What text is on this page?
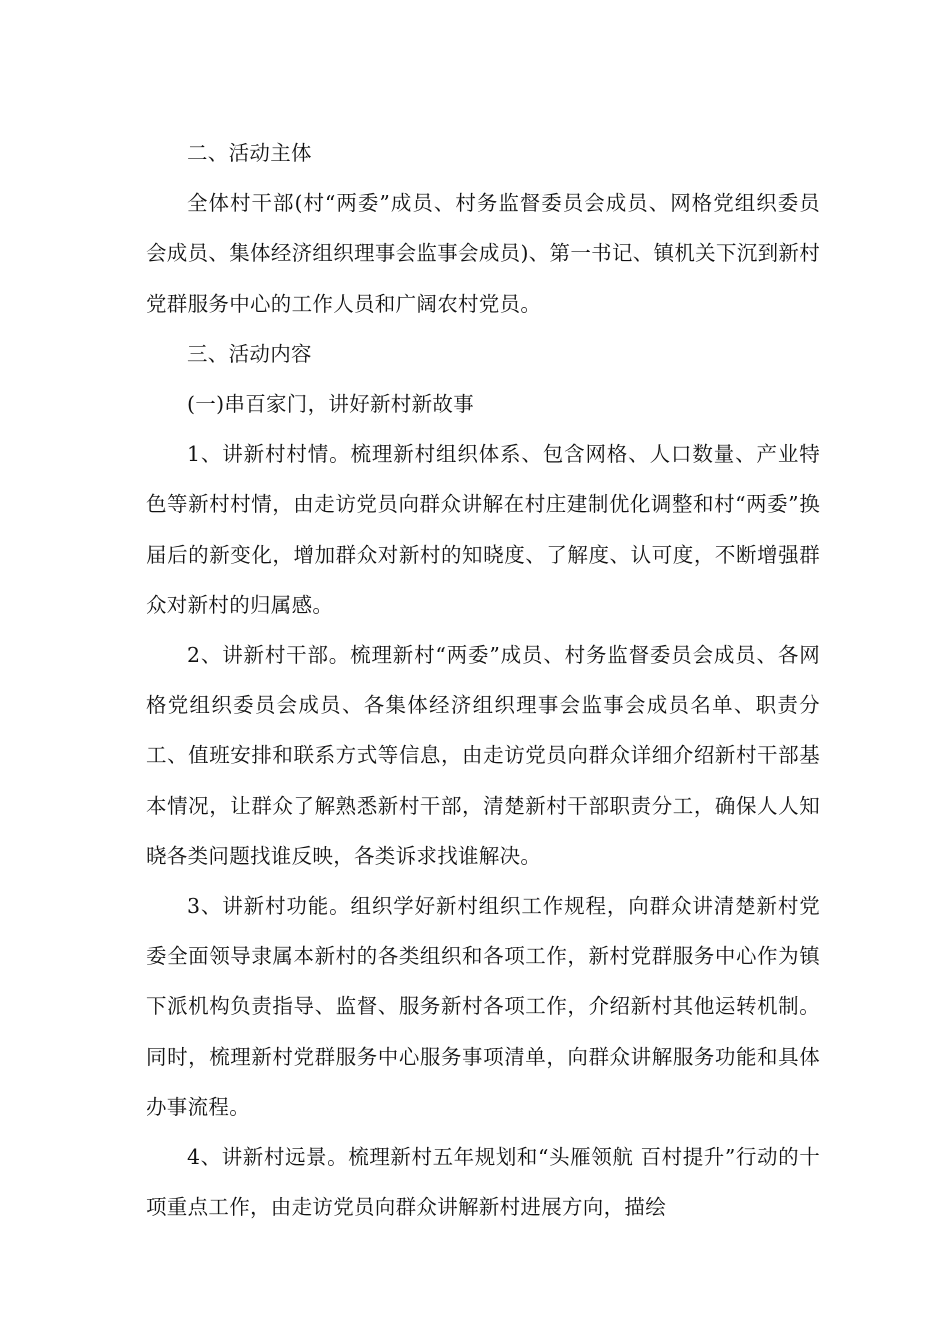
二、活动主体

全体村干部(村“两委”成员、村务监督委员会成员、网格党组织委员会成员、集体经济组织理事会监事会成员)、第一书记、镇机关下沉到新村党群服务中心的工作人员和广阔农村党员。

三、活动内容

(一)串百家门，讲好新村新故事

1、讲新村村情。梳理新村组织体系、包含网格、人口数量、产业特色等新村村情，由走访党员向群众讲解在村庄建制优化调整和村“两委”换届后的新变化，增加群众对新村的知晓度、了解度、认可度，不断增强群众对新村的归属感。

2、讲新村干部。梳理新村“两委”成员、村务监督委员会成员、各网格党组织委员会成员、各集体经济组织理事会监事会成员名单、职责分工、值班安排和联系方式等信息，由走访党员向群众详细介绍新村干部基本情况，让群众了解熟悉新村干部，清楚新村干部职责分工，确保人人知晓各类问题找谁反映，各类诉求找谁解决。

3、讲新村功能。组织学好新村组织工作规程，向群众讲清楚新村党委全面领导隶属本新村的各类组织和各项工作，新村党群服务中心作为镇下派机构负责指导、监督、服务新村各项工作，介绍新村其他运转机制。同时，梳理新村党群服务中心服务事项清单，向群众讲解服务功能和具体办事流程。

4、讲新村远景。梳理新村五年规划和“头雁领航 百村提升”行动的十项重点工作，由走访党员向群众讲解新村进展方向，描绘
